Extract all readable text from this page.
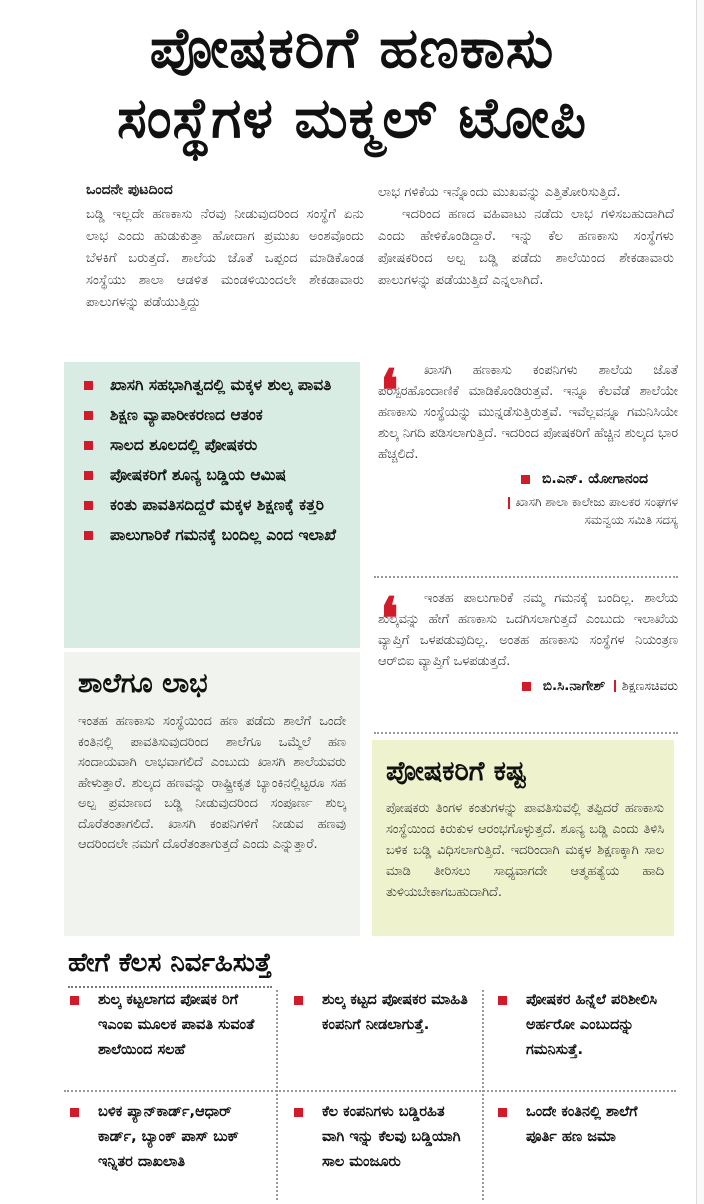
ಪೋಷಕರಿಗೆ ಹಣಕಾಸು
ಸಂಸ್ಥೆಗಳ ಮಕ್ಮಲ್ ಟೋಪಿ
ಒಂದನೇ ಪುಟದಿಂದ
ಬಡ್ಡಿ ಇಲ್ಲದೇ ಹಣಕಾಸು ನೆರವು ನೀಡುವುದರಿಂದ ಸಂಸ್ಥೆಗೆ ಏನು ಲಾಭ ಎಂದು ಹುಡುಕುತ್ತಾ ಹೋದಾಗ ಪ್ರಮುಖ ಅಂಶವೊಂದು ಬೆಳಕಿಗೆ ಬರುತ್ತದೆ. ಶಾಲೆಯ ಜೊತೆ ಒಪ್ಪಂದ ಮಾಡಿಕೊಂಡ ಸಂಸ್ಥೆಯು ಶಾಲಾ ಆಡಳಿತ ಮಂಡಳಿಯಿಂದಲೇ ಶೇಕಡಾವಾರು ಪಾಲುಗಳನ್ನು ಪಡೆಯುತ್ತಿದ್ದು

ಲಾಭ ಗಳಿಕೆಯ ಇನ್ನೊಂದು ಮುಖವನ್ನು ಎತ್ತಿತೋರಿಸುತ್ತಿದೆ.

ಇದರಿಂದ ಹಣದ ವಹಿವಾಟು ನಡೆದು ಲಾಭ ಗಳಿಸಬಹುದಾಗಿದೆ ಎಂದು ಹೇಳಿಕೊಂಡಿದ್ದಾರೆ. ಇನ್ನು ಕೆಲ ಹಣಕಾಸು ಸಂಸ್ಥೆಗಳು ಪೋಷಕರಿಂದ ಅಲ್ಪ ಬಡ್ಡಿ ಪಡೆದು ಶಾಲೆಯಿಂದ ಶೇಕಡಾವಾರು ಪಾಲುಗಳನ್ನು ಪಡೆಯುತ್ತಿದೆ ಎನ್ನಲಾಗಿದೆ.

ಖಾಸಗಿ ಸಹಭಾಗಿತ್ವದಲ್ಲಿ ಮಕ್ಕಳ ಶುಲ್ಕ ಪಾವತಿ
ಶಿಕ್ಷಣ ವ್ಯಾಪಾರೀಕರಣದ ಆತಂಕ
ಸಾಲದ ಶೂಲದಲ್ಲಿ ಪೋಷಕರು
ಪೋಷಕರಿಗೆ ಶೂನ್ಯ ಬಡ್ಡಿಯ ಆಮಿಷ
ಕಂತು ಪಾವತಿಸದಿದ್ದರೆ ಮಕ್ಕಳ ಶಿಕ್ಷಣಕ್ಕೆ ಕತ್ತರಿ
ಪಾಲುಗಾರಿಕೆ ಗಮನಕ್ಕೆ ಬಂದಿಲ್ಲ ಎಂದ ಇಲಾಖೆ
❛	ಖಾಸಗಿ ಹಣಕಾಸು ಕಂಪನಿಗಳು ಶಾಲೆಯ ಜೊತೆ ಪರಸ್ಪರಹೊಂದಾಣಿಕೆ ಮಾಡಿಕೊಂಡಿರುತ್ತವೆ. ಇನ್ನೂ ಕೆಲವೆಡೆ ಶಾಲೆಯೇ ಹಣಕಾಸು ಸಂಸ್ಥೆಯನ್ನು ಮುನ್ನಡೆಸುತ್ತಿರುತ್ತವೆ. ಇವೆಲ್ಲವನ್ನೂ ಗಮನಿಸಿಯೇ ಶುಲ್ಕ ನಿಗದಿ ಪಡಿಸಲಾಗುತ್ತಿದೆ. ಇದರಿಂದ ಪೋಷಕರಿಗೆ ಹೆಚ್ಚಿನ ಶುಲ್ಕದ ಭಾರ ಹೆಚ್ಚಲಿದೆ.
ಬಿ.ಎನ್. ಯೋಗಾನಂದ
ಖಾಸಗಿ ಶಾಲಾ ಕಾಲೇಜು ಪಾಲಕರ ಸಂಘಗಳ
ಸಮನ್ವಯ ಸಮಿತಿ ಸದಸ್ಯ
❛	ಇಂತಹ ಪಾಲುಗಾರಿಕೆ ನಮ್ಮ ಗಮನಕ್ಕೆ ಬಂದಿಲ್ಲ. ಶಾಲೆಯ ಶುಲ್ಕವನ್ನು ಹೇಗೆ ಹಣಕಾಸು ಒದಗಿಸಲಾಗುತ್ತದೆ ಎಂಬುದು ಇಲಾಖೆಯ ವ್ಯಾಪ್ತಿಗೆ ಒಳಪಡುವುದಿಲ್ಲ. ಅಂತಹ ಹಣಕಾಸು ಸಂಸ್ಥೆಗಳ ನಿಯಂತ್ರಣ ಆರ್‌ಬಿಐ ವ್ಯಾಪ್ತಿಗೆ ಒಳಪಡುತ್ತದೆ.
ಬಿ.ಸಿ.ನಾಗೇಶ್ ಶಿಕ್ಷಣಸಚಿವರು
ಶಾಲೆಗೂ ಲಾಭ
ಇಂತಹ ಹಣಕಾಸು ಸಂಸ್ಥೆಯಿಂದ ಹಣ ಪಡೆದು ಶಾಲೆಗೆ ಒಂದೇ ಕಂತಿನಲ್ಲಿ ಪಾವತಿಸುವುದರಿಂದ ಶಾಲೆಗೂ ಒಮ್ಮೆಲೆ ಹಣ ಸಂದಾಯವಾಗಿ ಲಾಭವಾಗಲಿದೆ ಎಂಬುದು ಖಾಸಗಿ ಶಾಲೆಯವರು ಹೇಳುತ್ತಾರೆ. ಶುಲ್ಕದ ಹಣವನ್ನು ರಾಷ್ಟ್ರೀಕೃತ ಬ್ಯಾಂಕಿನಲ್ಲಿಟ್ಟರೂ ಸಹ ಅಲ್ಪ ಪ್ರಮಾಣದ ಬಡ್ಡಿ ನೀಡುವುದರಿಂದ ಸಂಪೂರ್ಣ ಶುಲ್ಕ ದೊರೆತಂತಾಗಲಿದೆ. ಖಾಸಗಿ ಕಂಪನಿಗಳಿಗೆ ನೀಡುವ ಹಣವು ಆದರಿಂದಲೇ ನಮಗೆ ದೊರೆತಂತಾಗುತ್ತದೆ ಎಂದು ಎನ್ನುತ್ತಾರೆ.
ಪೋಷಕರಿಗೆ ಕಷ್ಟ
ಪೋಷಕರು ತಿಂಗಳ ಕಂತುಗಳನ್ನು ಪಾವತಿಸುವಲ್ಲಿ ತಪ್ಪಿದರೆ ಹಣಕಾಸು ಸಂಸ್ಥೆಯಿಂದ ಕಿರುಕುಳ ಆರಂಭಗೊಳ್ಳುತ್ತದೆ. ಶೂನ್ಯ ಬಡ್ಡಿ ಎಂದು ತಿಳಿಸಿ ಬಳಿಕ ಬಡ್ಡಿ ವಿಧಿಸಲಾಗುತ್ತಿದೆ. ಇದರಿಂದಾಗಿ ಮಕ್ಕಳ ಶಿಕ್ಷಣಕ್ಕಾಗಿ ಸಾಲ ಮಾಡಿ ತೀರಿಸಲು ಸಾಧ್ಯವಾಗದೇ ಆತ್ಮಹತ್ಯೆಯ ಹಾದಿ ತುಳಿಯಬೇಕಾಗಬಹುದಾಗಿದೆ.
ಹೇಗೆ ಕೆಲಸ ನಿರ್ವಹಿಸುತ್ತೆ
ಶುಲ್ಕ ಕಟ್ಟಲಾಗದ ಪೋಷಕ ರಿಗೆ ಇಎಂಐ ಮೂಲಕ ಪಾವತಿ ಸುವಂತೆ ಶಾಲೆಯಿಂದ ಸಲಹೆ
ಶುಲ್ಕ ಕಟ್ಟದ ಪೋಷಕರ ಮಾಹಿತಿ ಕಂಪನಿಗೆ ನೀಡಲಾಗುತ್ತೆ.
ಪೋಷಕರ ಹಿನ್ನೆಲೆ ಪರಿಶೀಲಿಸಿ ಅರ್ಹರೋ ಎಂಬುದನ್ನು ಗಮನಿಸುತ್ತೆ.
ಬಳಿಕ ಪ್ಯಾನ್‌ಕಾರ್ಡ್,ಆಧಾರ್ ಕಾರ್ಡ್, ಬ್ಯಾಂಕ್ ಪಾಸ್ ಬುಕ್ ಇನ್ನಿತರ ದಾಖಲಾತಿ
ಕೆಲ ಕಂಪನಿಗಳು ಬಡ್ಡಿರಹಿತ ವಾಗಿ ಇನ್ನು ಕೆಲವು ಬಡ್ಡಿಯಾಗಿ ಸಾಲ ಮಂಜೂರು
ಒಂದೇ ಕಂತಿನಲ್ಲಿ ಶಾಲೆಗೆ ಪೂರ್ತಿ ಹಣ ಜಮಾ
